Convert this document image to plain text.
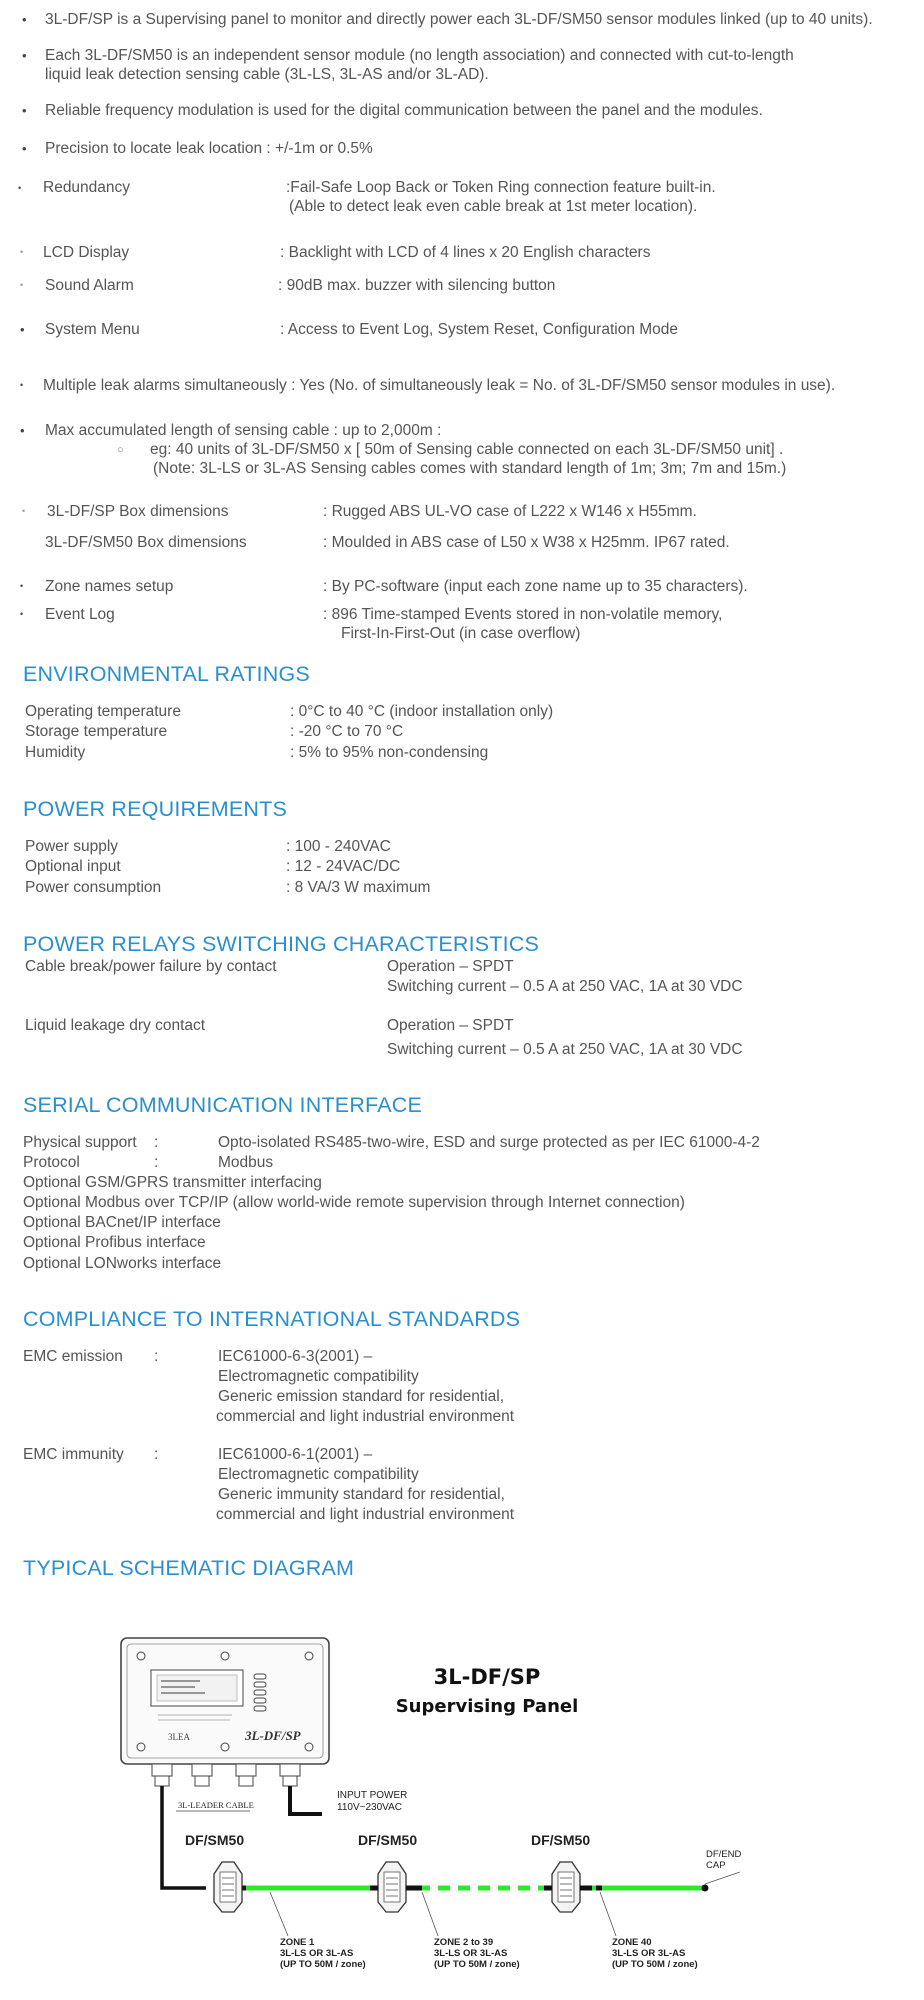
• 3L-DF/SP is a Supervising panel to monitor and directly power each 3L-DF/SM50 sensor modules linked (up to 40 units).
• Each 3L-DF/SM50 is an independent sensor module (no length association) and connected with cut-to-length
liquid leak detection sensing cable (3L-LS, 3L-AS and/or 3L-AD).
• Reliable frequency modulation is used for the digital communication between the panel and the modules.
• Precision to locate leak location : +/-1m or 0.5%
• Redundancy	:Fail-Safe Loop Back or Token Ring connection feature built-in.
(Able to detect leak even cable break at 1st meter location).
• LCD Display	: Backlight with LCD of 4 lines x 20 English characters
• Sound Alarm	: 90dB max. buzzer with silencing button
• System Menu	: Access to Event Log, System Reset, Configuration Mode
• Multiple leak alarms simultaneously : Yes (No. of simultaneously leak = No. of 3L-DF/SM50 sensor modules in use).
• Max accumulated length of sensing cable : up to 2,000m :
○ eg: 40 units of 3L-DF/SM50 x [ 50m of Sensing cable connected on each 3L-DF/SM50 unit] .
(Note: 3L-LS or 3L-AS Sensing cables comes with standard length of 1m; 3m; 7m and 15m.)
• 3L-DF/SP Box dimensions	: Rugged ABS UL-VO case of L222 x W146 x H55mm.
3L-DF/SM50 Box dimensions	: Moulded in ABS case of L50 x W38 x H25mm. IP67 rated.
• Zone names setup	: By PC-software (input each zone name up to 35 characters).
• Event Log	: 896 Time-stamped Events stored in non-volatile memory,
First-In-First-Out (in case overflow)
ENVIRONMENTAL RATINGS
Operating temperature	: 0°C to 40 °C (indoor installation only)
Storage temperature	: -20 °C to 70 °C
Humidity	: 5% to 95% non-condensing
POWER REQUIREMENTS
Power supply	: 100 - 240VAC
Optional input	: 12 - 24VAC/DC
Power consumption	: 8 VA/3 W maximum
POWER RELAYS SWITCHING CHARACTERISTICS
Cable break/power failure by contact	Operation – SPDT
Switching current – 0.5 A at 250 VAC, 1A at 30 VDC
Liquid leakage dry contact	Operation – SPDT
Switching current – 0.5 A at 250 VAC, 1A at 30 VDC
SERIAL COMMUNICATION INTERFACE
Physical support :	Opto-isolated RS485-two-wire, ESD and surge protected as per IEC 61000-4-2
Protocol	:	Modbus
Optional GSM/GPRS transmitter interfacing
Optional Modbus over TCP/IP (allow world-wide remote supervision through Internet connection)
Optional BACnet/IP interface
Optional Profibus interface
Optional LONworks interface
COMPLIANCE TO INTERNATIONAL STANDARDS
EMC emission :	IEC61000-6-3(2001) –
Electromagnetic compatibility
Generic emission standard for residential,
commercial and light industrial environment
EMC immunity :	IEC61000-6-1(2001) –
Electromagnetic compatibility
Generic immunity standard for residential,
commercial and light industrial environment
TYPICAL SCHEMATIC DIAGRAM
3L-DF/SP
3LEA
INPUT POWER
110V~230VAC
3L-LEADER CABLE
3L-DF/SP
Supervising Panel
DF/END
CAP
DF/SM50	DF/SM50	DF/SM50
ZONE 1
3L-LS OR 3L-AS
(UP TO 50M / zone)
ZONE 2 to 39
3L-LS OR 3L-AS
(UP TO 50M / zone)
ZONE 40
3L-LS OR 3L-AS
(UP TO 50M / zone)
